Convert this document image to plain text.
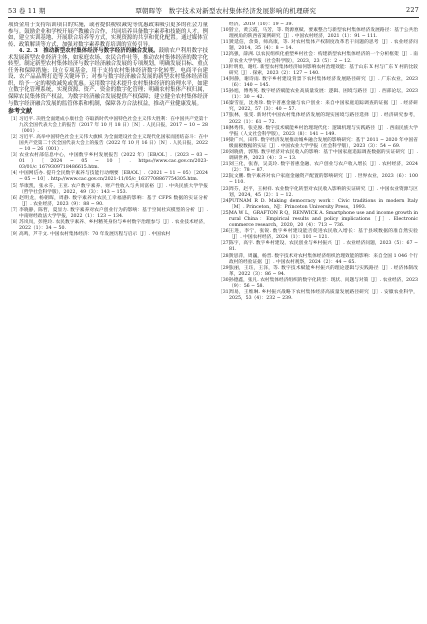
53 卷 11 期	覃朝晖等　数字技术对新型农村集体经济发展影响的机理研究	227

项资金用于支持培训项目的实施，或者提供税收减免等优惠政策吸引更多的社会力量参与。鼓励企业和学校开展产教融合合作，共同培养具备数字素养和技能的人才。例如，建立实训基地、开展联合培养等方式，实现资源的共享和优化配置。通过媒体宣传、政策解读等方式，加强对数字素养教育培训的宣传引导。

4. 2. 3　推动新型农村集体经济与数字经济的融合发展。鼓励农户利用数字技术发展新型农业经济主体，如家庭农场、农民合作社等，推动农村集体经济的数字化转型。制定新型农村集体经济与数字经济融合发展的专项规划，明确发展目标、重点任务和保障措施；设立专项基金，用于支持农村集体经济数字化转型、电商平台建设、农产品品牌打造等关键环节；对参与数字经济融合发展的新型农村集体经济组织，给予一定的税收减免或优惠。运用数字技术提升农村集体经济的治理水平，如建立数字化管理系统，实现资源、资产、资金的数字化管理；明确农村集体产权归属，保障农民集体资产权益，为数字经济融合发展提供产权保障；建立健全农村集体经济与数字经济融合发展的监管体系和机制，保障各方合法权益，推动产业健康发展。

参考文献

［1］习近平. 决胜全面建成小康社会 夺取新时代中国特色社会主义伟大胜利：在中国共产党第十九次全国代表大会上的报告（2017 年 10 月 18 日）［N］. 人民日报，2017 − 10 − 28（001）.

［2］习近平. 高举中国特色社会主义伟大旗帜 为全面建设社会主义现代化国家而团结奋斗：在中国共产党第二十次全国代表大会上的报告（2022 年 10 月 16 日）［N］. 人民日报，2022 − 10 − 26（001）.

［3］农业农村部信息中心，中国数字乡村发展报告（2022 年）［EB/OL］.（2023 − 03 − 01）［2024 − 05 − 10］. https://www.cac.gov.cn/2023-03/01/c_1679309718486615.htm.

［4］中国网信办. 提升全民数字素养与技能行动纲要［EB/OL］.（2021 − 11 − 05）［2024 − 05 − 10］. http://www.cac.gov.cn/2021-11/05/c_1637708867754305.htm.

［5］华康凯，张永芬，王亚. 农户数字素养、财产性收入与共同富裕［J］. 中央民族大学学报（哲学社会科学版），2022，49（3）：143 − 153.

［6］赵明龙，杨朝晖，周静. 数字素养对农民工幸福感的影响：基于 CFPS 数据的实证分析［J］. 农业经济，2023（9）：88 − 90.

［7］李晓静，陈哲，夏显力. 数字素养对农户创业行为的影响：基于空间杜宾模型的分析［J］. 中南财经政法大学学报，2022（1）：123 − 134.

［8］苏岚岚，彭艳玲. 农民数字素养、乡村精英身份与乡村数字治理参与［J］. 农业技术经济，2022（1）：34 − 50.

［9］高鸣，芦千文. 中国农村集体经济：70 年发展历程与启示［J］. 中国农村

经济，2019（10）：19 − 39.

［10］曾立，黄云霞，马芳，等. 资源禀赋、要素整合与新型农村集体经济发展路径：基于公共治理视角的陕西省案例研究［J］. 中国农村经济，2021（1）：91 − 111.

［11］黄延信，余葵，师高康，等. 对农村集体产权制度改革若干问题的思考［J］. 农业经济问题，2014，35（4）：8 − 14.

［12］高强，薛洲. 以农民组织化重塑乡村社会：构建新型农村集体经济的一个分析框架［J］. 南京农业大学学报（社会科学版），2023，23（5）：2 − 12.

［13］叶明勇，谢红. 新型农村集体经济如何影响农村治理效能：基于山东 X 村与广东 Y 村的比较研究［J］. 探索，2023（2）：127 − 140.

［14］何静，谢诗雨. 数字乡村建设背景下农村集体经济发展路径研究［J］. 广东农业，2023（6）：140 − 145.

［15］孙旭，傅秀英. 数字经济赋能农业高质量发展：逻辑、困境与路径［J］. 西部论坛，2023（1）：30 − 42.

［16］秦雪征，沈尧珍. 数字普惠金融与农户创业：来自中国家庭追踪调查的证据［J］. 经济研究，2022，57（3）：40 − 57.

［17］张林，张雯. 新时代中国农村集体经济发展的现实困境与路径选择［J］. 经济研究参考，2022（1）：61 − 72.

［18］林秀伟，张克俊. 数字技术赋能乡村治理现代化：逻辑机理与实践路径［J］. 西南民族大学学报（人文社会科学版），2023（8）：141 − 149.

［19］梁广兴，田伟. 数字经济发展推动城乡融合发展的影响研究：基于 2011 − 2020 年中国省级面板数据的实证［J］. 中国农业大学学报（社会科学版），2023（3）：54 − 69.

［20］刘晓倩，郭翔. 数字经济对农民收入的影响：基于中国家庭追踪调查数据的实证研究［J］. 调研世界，2023（4）：3 − 13.

［21］刘三化，张春，吴美玲. 数字普惠金融、农户创业与农户收入增长［J］. 农村经济，2024（2）：78 − 87.

［22］阮文鹏. 数字素养对农户家庭金融资产配置的影响研究［J］. 世界农业，2023（6）：100 − 110.

［23］周芬，赵平，王树祥. 农业数字化转型对农民收入影响的实证研究［J］. 中国农业资源与区划，2024，45（2）：1 − 12.

［24］PUTNAM R D. Making democracy work：Civic traditions in modern Italy［M］. Princeton，NJ：Princeton University Press，1993.

［25］MA W L，GRAFTON R Q，RENWICK A. Smartphone use and income growth in rural China：Empirical results and policy implications［J］. Electronic commerce research，2020，20（4）：713 − 736.

［26］王进，李宁，张锐. 数字乡村建设能否促进农民收入增长：基于县域数据的准自然实验［J］. 中国农村经济，2024（1）：101 − 121.

［27］陈宇，高宇. 数字乡村建设、农民创业与乡村振兴［J］. 农业经济问题，2023（5）：67 − 81.

［28］黄思萍，周巍，杨晋. 数字技术对农村集体经济组织治理效能的影响：来自全国 1 046 个行政村的经验证据［J］. 中国农村观察，2024（2）：44 − 65.

［29］张丽，王珏，王泽，等. 数字技术赋能乡村振兴的理论逻辑与实践路径［J］. 经济体制改革，2022（3）：86 − 94.

［30］孙德鑫，张凡. 农村集体经济组织的数字化转型：现状、问题与对策［J］. 农业经济，2023（9）：56 − 58.

［31］周易，王维琳. 乡村振兴战略下农村集体经济高质量发展路径研究［J］. 安徽农业科学，2025，53（4）：232 − 239.
